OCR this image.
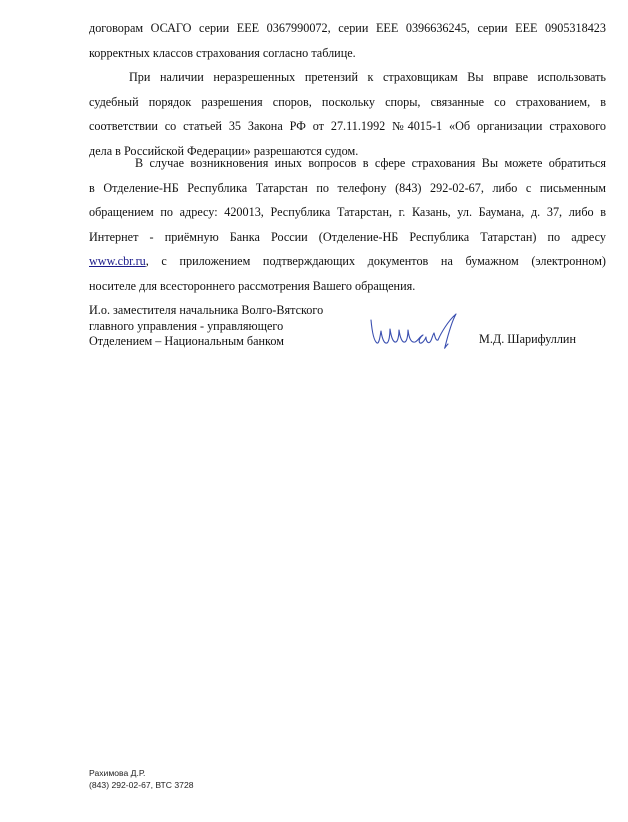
договорам ОСАГО серии ЕЕЕ 0367990072, серии ЕЕЕ 0396636245, серии ЕЕЕ 0905318423
корректных классов страхования согласно таблице.
При наличии неразрешенных претензий к страховщикам Вы вправе использовать
судебный порядок разрешения споров, поскольку споры, связанные со страхованием, в
соответствии со статьей 35 Закона РФ от 27.11.1992 №4015-1 «Об организации страхового
дела в Российской Федерации» разрешаются судом.
В случае возникновения иных вопросов в сфере страхования Вы можете обратиться
в Отделение-НБ Республика Татарстан по телефону (843) 292-02-67, либо с письменным
обращением по адресу: 420013, Республика Татарстан, г. Казань, ул. Баумана, д. 37, либо в
Интернет - приёмную Банка России (Отделение-НБ Республика Татарстан) по адресу
www.cbr.ru, с приложением подтверждающих документов на бумажном (электронном)
носителе для всестороннего рассмотрения Вашего обращения.
И.о. заместителя начальника Волго-Вятского
главного управления - управляющего
Отделением – Национальным банком	М.Д. Шарифуллин
Рахимова Д.Р.
(843) 292-02-67, ВТС 3728
